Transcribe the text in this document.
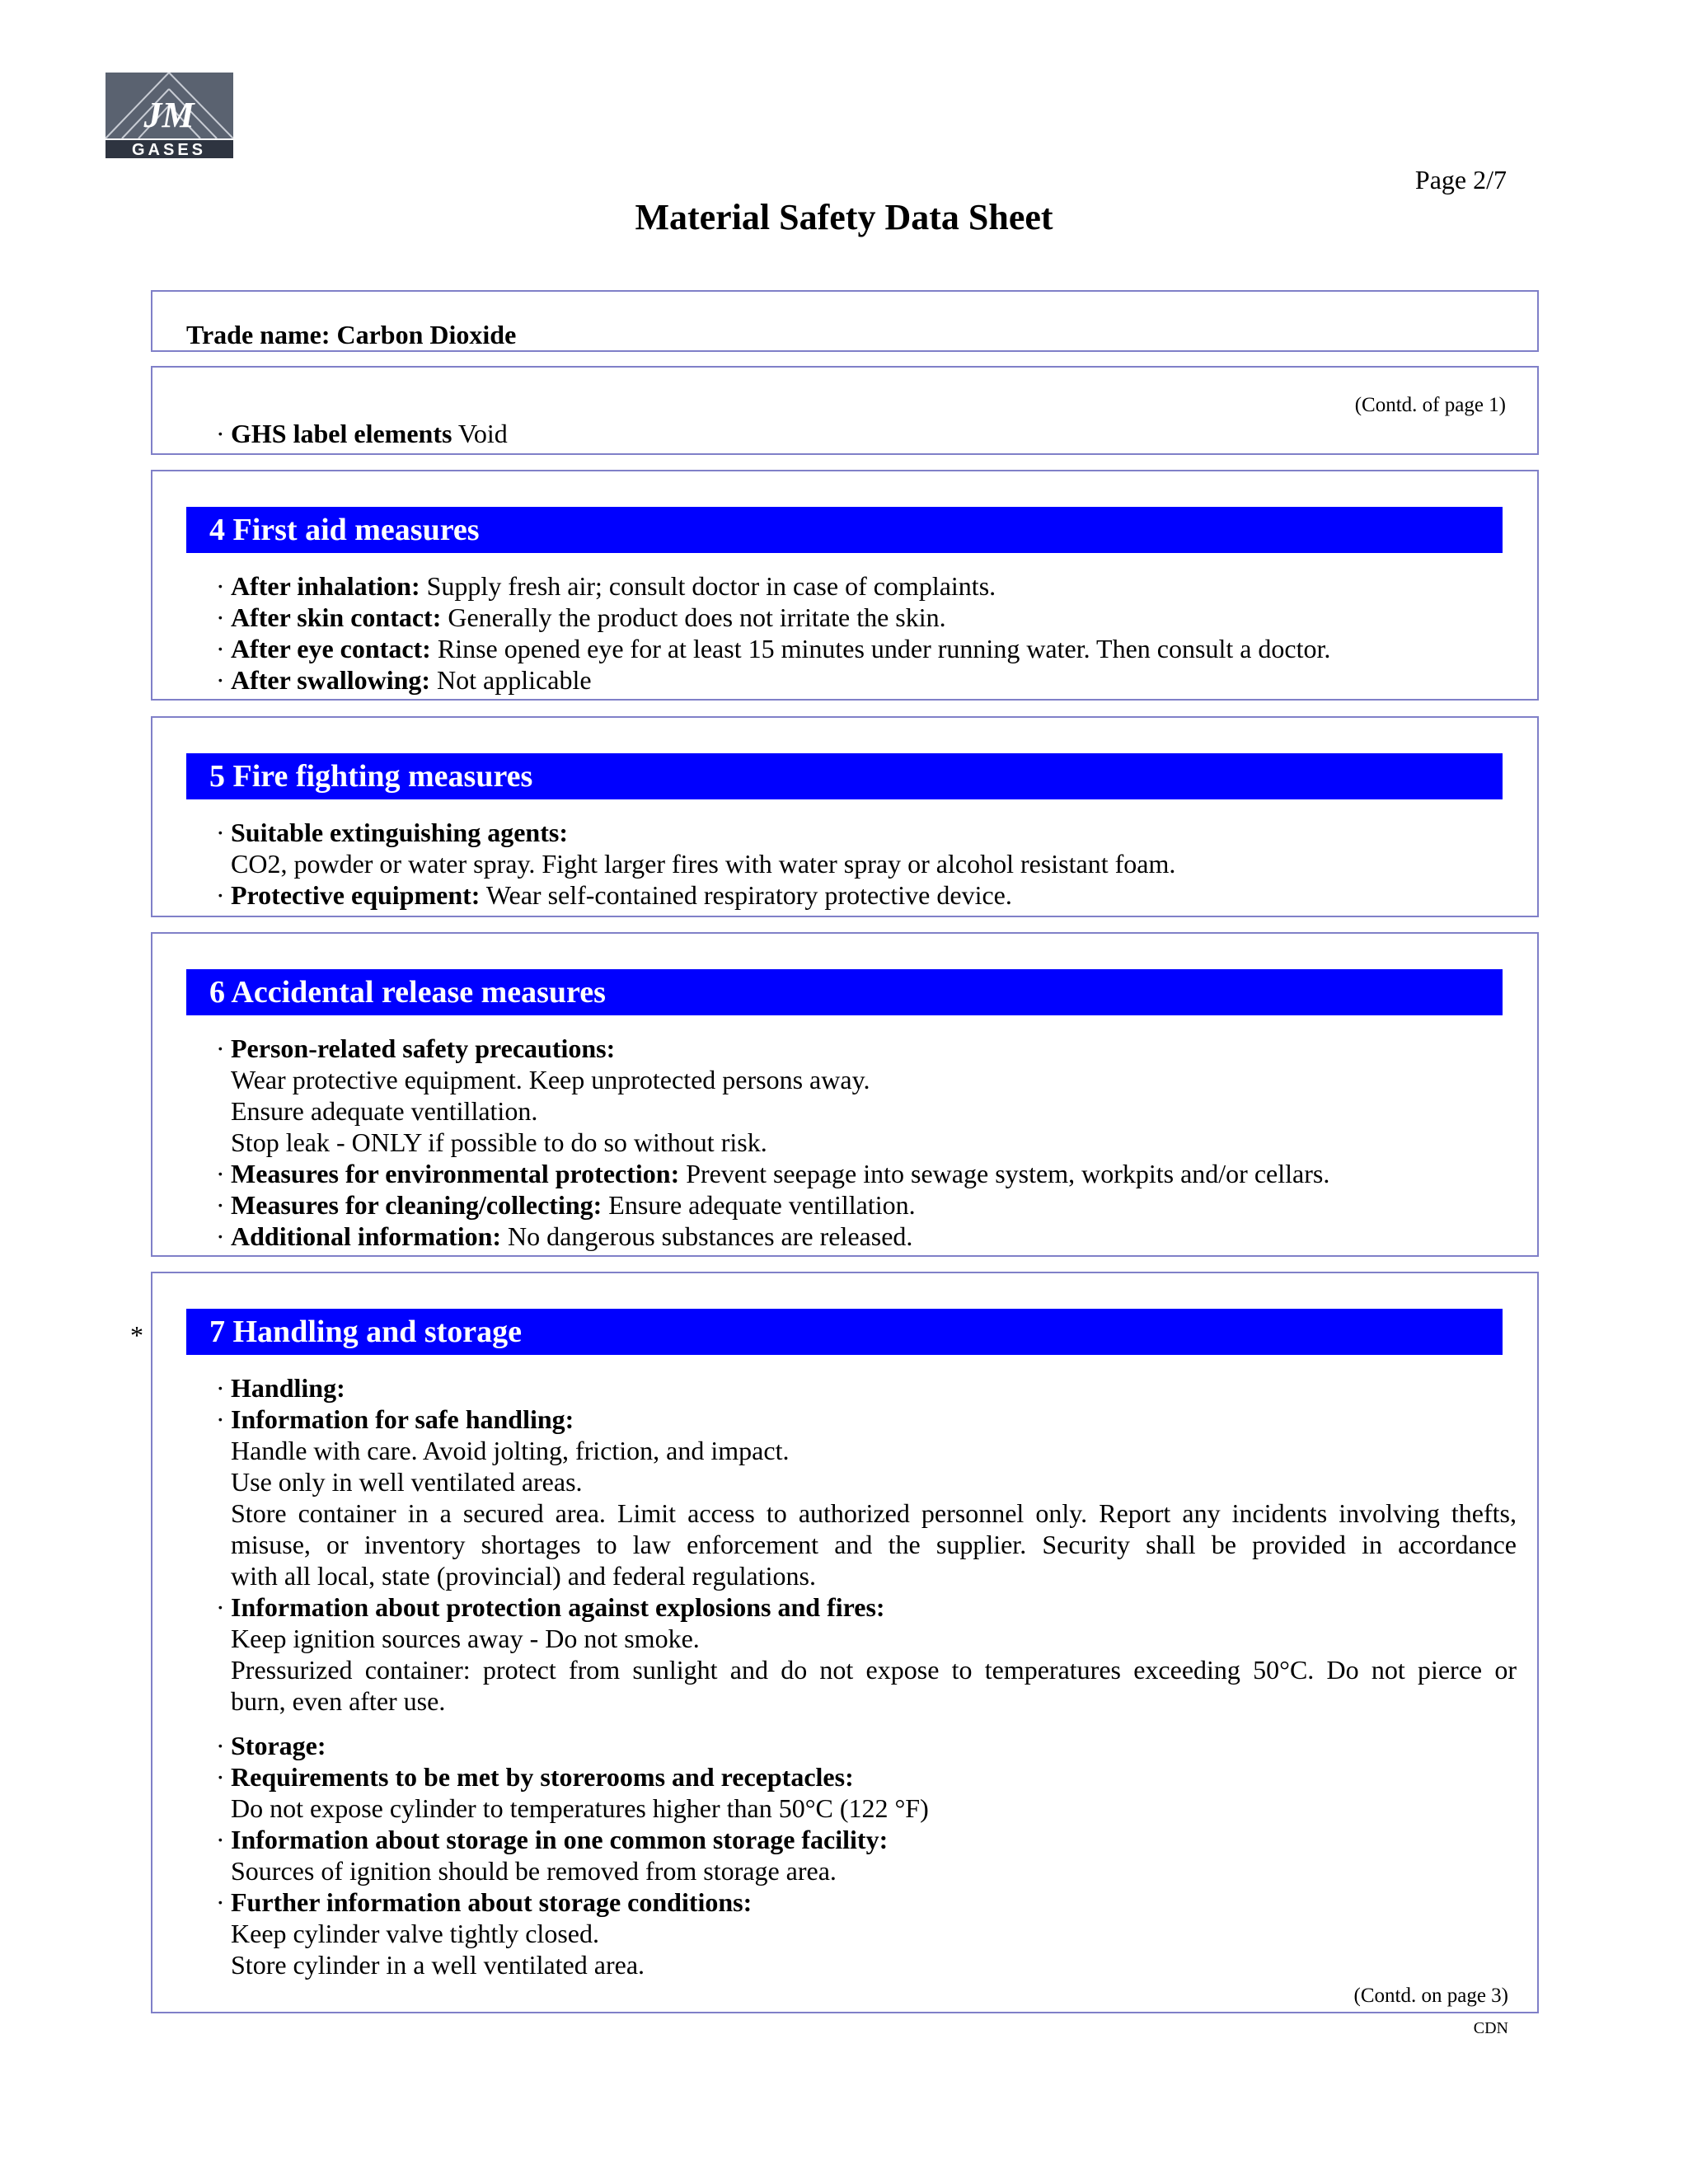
JM
GASES
Page 2/7
Material Safety Data Sheet
Trade name: Carbon Dioxide
(Contd. of page 1)
· GHS label elements Void
4 First aid measures
· After inhalation: Supply fresh air; consult doctor in case of complaints.
· After skin contact: Generally the product does not irritate the skin.
· After eye contact: Rinse opened eye for at least 15 minutes under running water. Then consult a doctor.
· After swallowing: Not applicable
5 Fire fighting measures
· Suitable extinguishing agents:
CO2, powder or water spray. Fight larger fires with water spray or alcohol resistant foam.
· Protective equipment: Wear self-contained respiratory protective device.
6 Accidental release measures
· Person-related safety precautions:
Wear protective equipment. Keep unprotected persons away.
Ensure adequate ventillation.
Stop leak - ONLY if possible to do so without risk.
· Measures for environmental protection: Prevent seepage into sewage system, workpits and/or cellars.
· Measures for cleaning/collecting: Ensure adequate ventillation.
· Additional information: No dangerous substances are released.
*	7 Handling and storage
· Handling:
· Information for safe handling:
Handle with care. Avoid jolting, friction, and impact.
Use only in well ventilated areas.
Store container in a secured area. Limit access to authorized personnel only. Report any incidents involving thefts,
misuse, or inventory shortages to law enforcement and the supplier. Security shall be provided in accordance
with all local, state (provincial) and federal regulations.
· Information about protection against explosions and fires:
Keep ignition sources away - Do not smoke.
Pressurized container: protect from sunlight and do not expose to temperatures exceeding 50°C. Do not pierce or
burn, even after use.
· Storage:
· Requirements to be met by storerooms and receptacles:
Do not expose cylinder to temperatures higher than 50°C (122 °F)
· Information about storage in one common storage facility:
Sources of ignition should be removed from storage area.
· Further information about storage conditions:
Keep cylinder valve tightly closed.
Store cylinder in a well ventilated area.
(Contd. on page 3)
CDN
